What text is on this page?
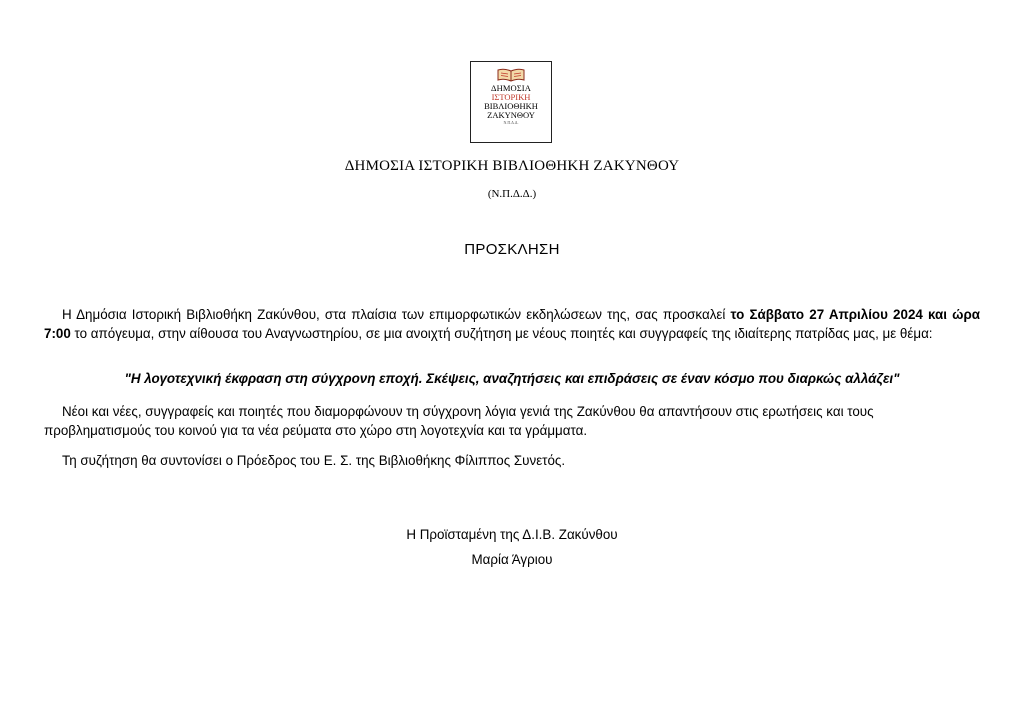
ΔΗΜΟΣΙΑ
ΙΣΤΟΡΙΚΗ
ΒΙΒΛΙΟΘΗΚΗ
ΖΑΚΥΝΘΟΥ
Ν.Π.Δ.Δ.
ΔΗΜΟΣΙΑ ΙΣΤΟΡΙΚΗ ΒΙΒΛΙΟΘΗΚΗ ΖΑΚΥΝΘΟΥ
(Ν.Π.Δ.Δ.)
ΠΡΟΣΚΛΗΣΗ

Η Δημόσια Ιστορική Βιβλιοθήκη Ζακύνθου, στα πλαίσια των επιμορφωτικών εκδηλώσεων της, σας προσκαλεί το Σάββατο 27 Απριλίου 2024 και ώρα 7:00 το απόγευμα, στην αίθουσα του Αναγνωστηρίου, σε μια ανοιχτή συζήτηση με νέους ποιητές και συγγραφείς της ιδιαίτερης πατρίδας μας, με θέμα:

"Η λογοτεχνική έκφραση στη σύγχρονη εποχή. Σκέψεις, αναζητήσεις και επιδράσεις σε έναν κόσμο που διαρκώς αλλάζει"

Νέοι και νέες, συγγραφείς και ποιητές που διαμορφώνουν τη σύγχρονη λόγια γενιά της Ζακύνθου θα απαντήσουν στις ερωτήσεις και τους προβληματισμούς του κοινού για τα νέα ρεύματα στο χώρο στη λογοτεχνία και τα γράμματα.

Τη συζήτηση θα συντονίσει ο Πρόεδρος του Ε. Σ. της Βιβλιοθήκης Φίλιππος Συνετός.

Η Προϊσταμένη της Δ.Ι.Β. Ζακύνθου
Μαρία Άγριου
